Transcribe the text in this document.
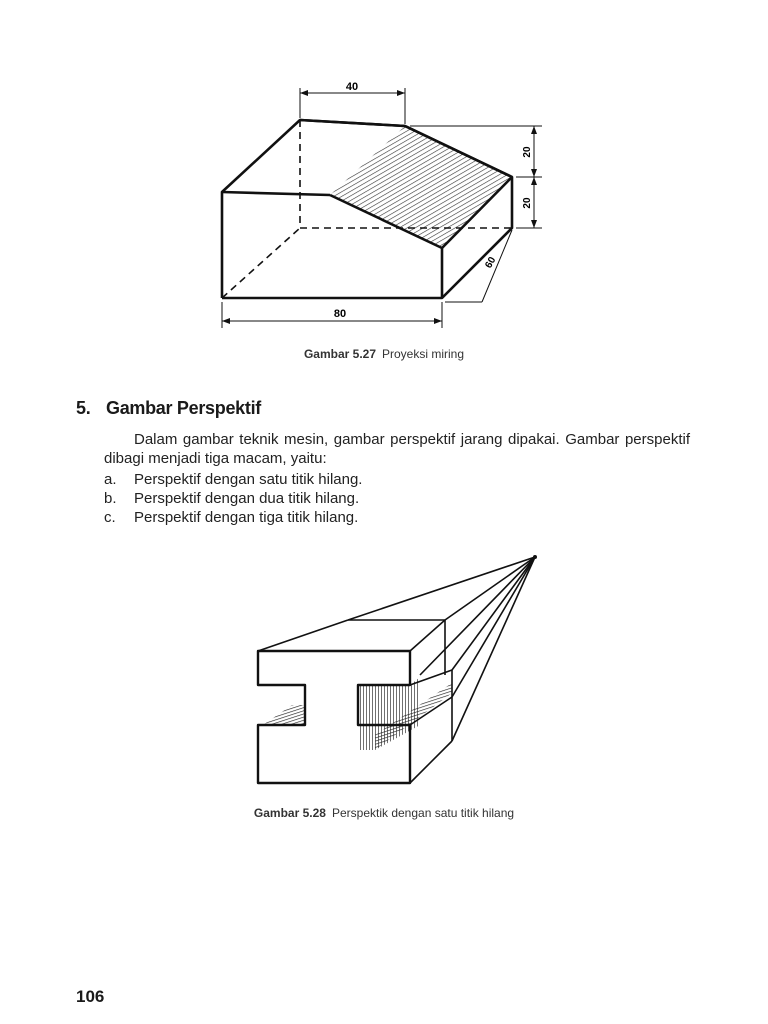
40
20
20
60
80
Gambar 5.27 Proyeksi miring
5. Gambar Perspektif
Dalam gambar teknik mesin, gambar perspektif jarang dipakai. Gambar perspektif dibagi menjadi tiga macam, yaitu:
a.	Perspektif dengan satu titik hilang.
b.	Perspektif dengan dua titik hilang.
c.	Perspektif dengan tiga titik hilang.
Gambar 5.28 Perspektik dengan satu titik hilang
106
